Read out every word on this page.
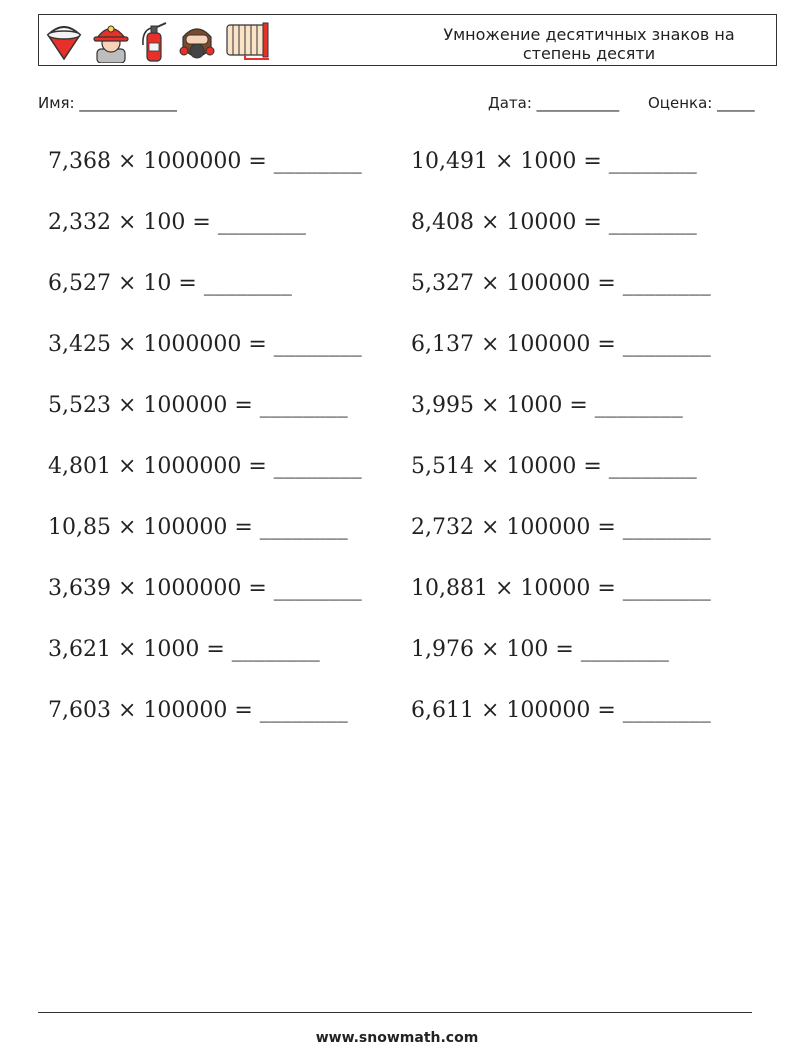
Умножение десятичных знаков на
степень десяти
Имя: _____________	Дата: ___________ Оценка: _____
7,368 × 1000000 = ________
2,332 × 100 = ________
6,527 × 10 = ________
3,425 × 1000000 = ________
5,523 × 100000 = ________
4,801 × 1000000 = ________
10,85 × 100000 = ________
3,639 × 1000000 = ________
3,621 × 1000 = ________
7,603 × 100000 = ________
10,491 × 1000 = ________
8,408 × 10000 = ________
5,327 × 100000 = ________
6,137 × 100000 = ________
3,995 × 1000 = ________
5,514 × 10000 = ________
2,732 × 100000 = ________
10,881 × 10000 = ________
1,976 × 100 = ________
6,611 × 100000 = ________
www.snowmath.com
